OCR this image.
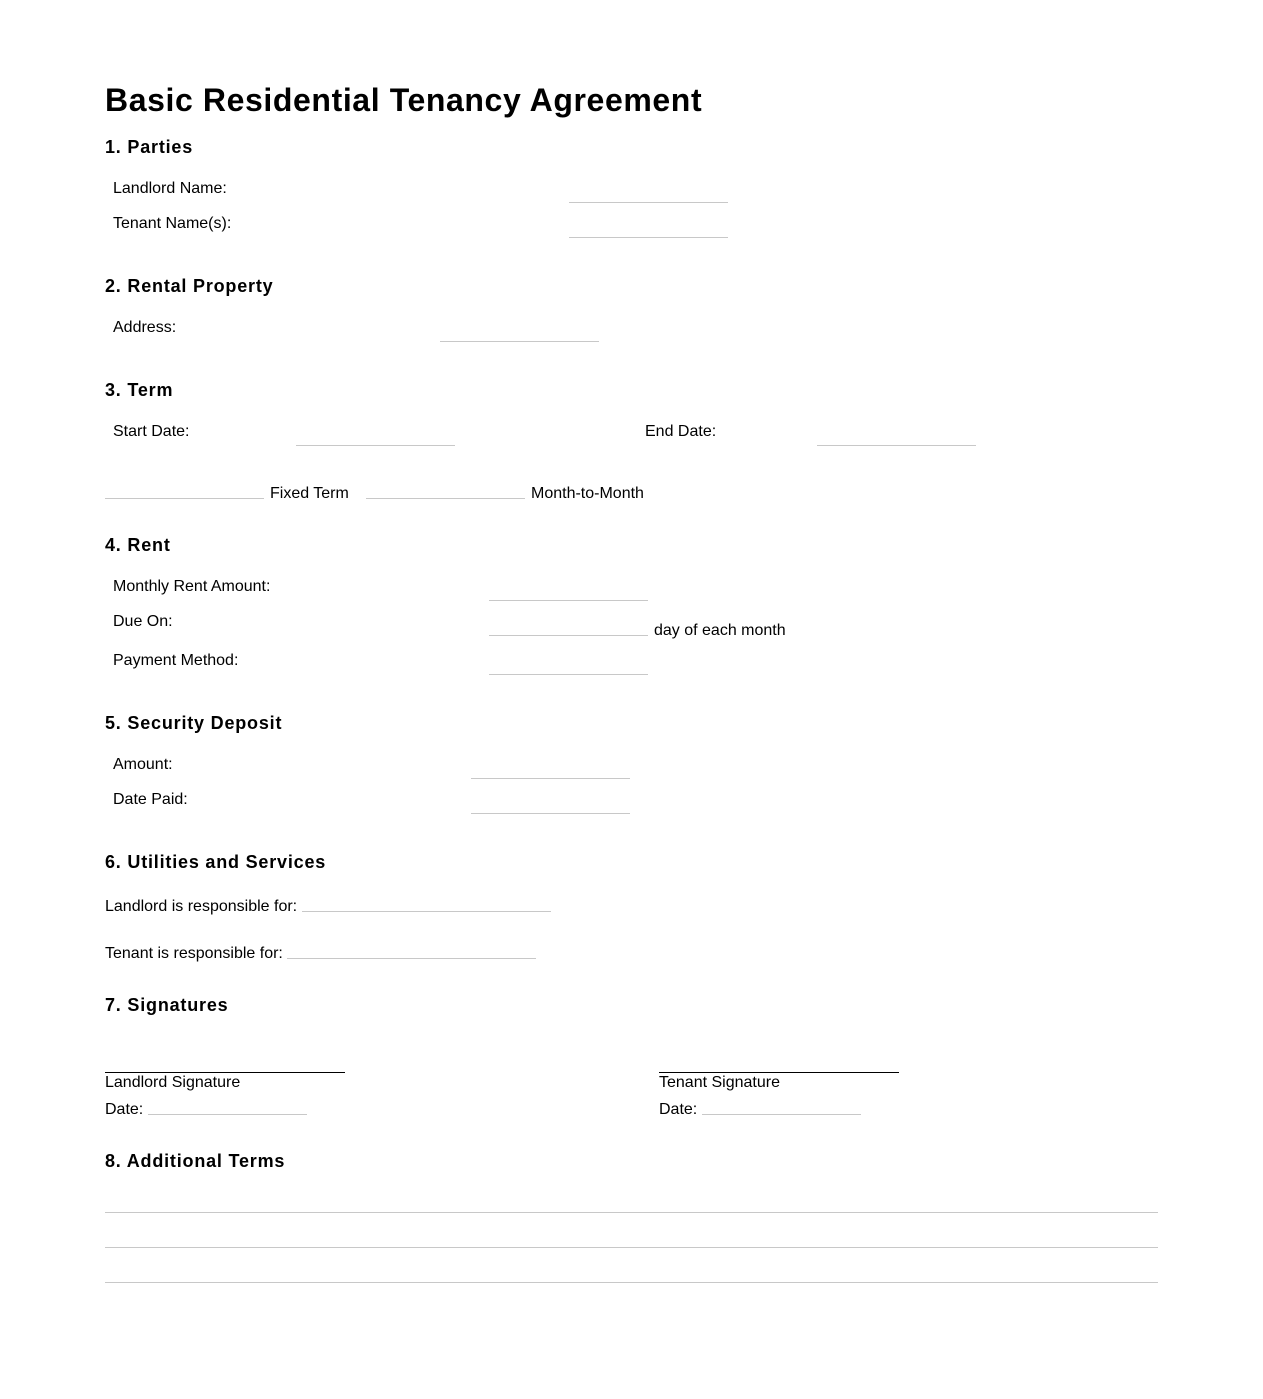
Basic Residential Tenancy Agreement
1. Parties
Landlord Name:
Tenant Name(s):
2. Rental Property
Address:
3. Term
Start Date:	End Date:
Fixed Term	Month-to-Month
4. Rent
Monthly Rent Amount:
Due On:
day of each month
Payment Method:
5. Security Deposit
Amount:
Date Paid:
6. Utilities and Services
Landlord is responsible for:
Tenant is responsible for:
7. Signatures
Landlord Signature
Date:
Tenant Signature
Date:
8. Additional Terms
